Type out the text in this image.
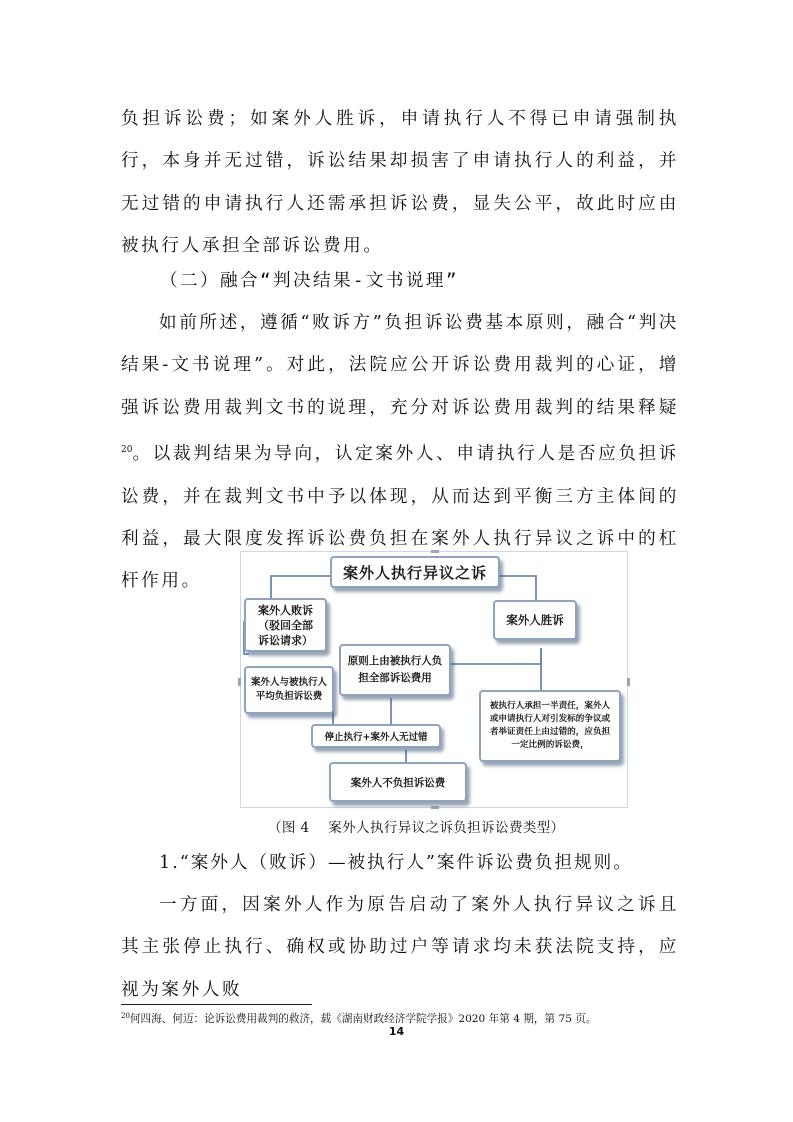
负担诉讼费；如案外人胜诉，申请执行人不得已申请强制执行，本身并无过错，诉讼结果却损害了申请执行人的利益，并无过错的申请执行人还需承担诉讼费，显失公平，故此时应由被执行人承担全部诉讼费用。

（二）融合“判决结果-文书说理”

如前所述，遵循“败诉方”负担诉讼费基本原则，融合“判决结果-文书说理”。对此，法院应公开诉讼费用裁判的心证，增强诉讼费用裁判文书的说理，充分对诉讼费用裁判的结果释疑$^{20}$。以裁判结果为导向，认定案外人、申请执行人是否应负担诉讼费，并在裁判文书中予以体现，从而达到平衡三方主体间的利益，最大限度发挥诉讼费负担在案外人执行异议之诉中的杠杆作用。	案外人执行异议之诉
案外人败诉
（驳回全部
诉讼请求）
案外人胜诉
原则上由被执行人负
担全部诉讼费用
案外人与被执行人
平均负担诉讼费
被执行人承担一半责任，案外人
或申请执行人对引发标的争议或
者举证责任上由过错的，应负担
一定比例的诉讼费，
停止执行+案外人无过错
案外人不负担诉讼费
（图 4    案外人执行异议之诉负担诉讼费类型）

1.“案外人（败诉）—被执行人”案件诉讼费负担规则。

一方面，因案外人作为原告启动了案外人执行异议之诉且其主张停止执行、确权或协助过户等请求均未获法院支持，应视为案外人败

$^{20}$何四海、何迈：论诉讼费用裁判的救济，载《湖南财政经济学院学报》2020 年第 4 期，第 75 页。
14
